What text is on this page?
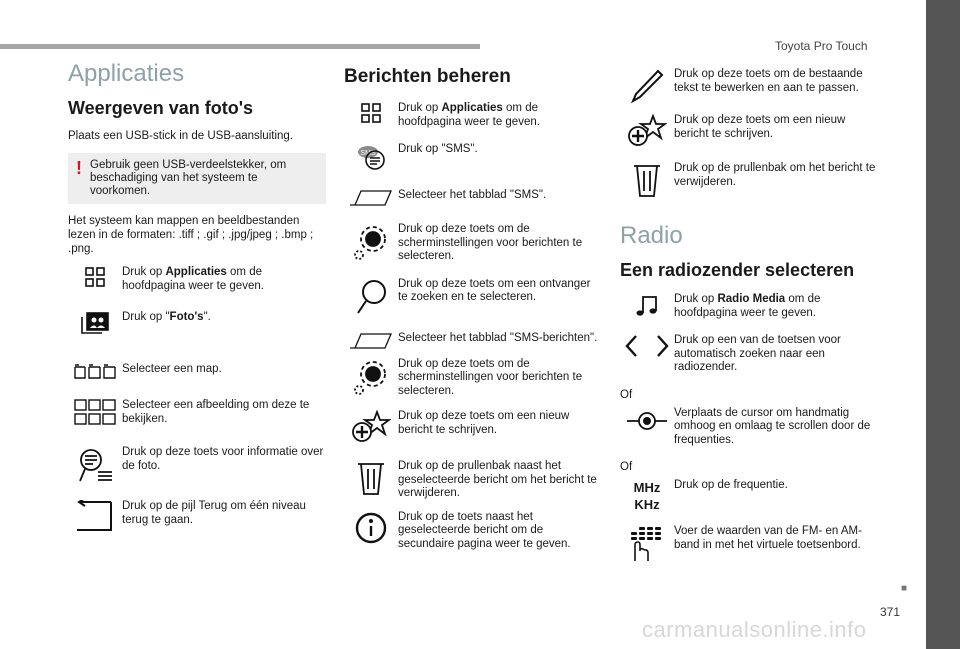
Toyota Pro Touch
Applicaties
Weergeven van foto's
Plaats een USB-stick in de USB-aansluiting.
! Gebruik geen USB-verdeelstekker, om beschadiging van het systeem te voorkomen.
Het systeem kan mappen en beeldbestanden lezen in de formaten: .tiff ; .gif ; .jpg/jpeg ; .bmp ; .png.
Druk op Applicaties om de hoofdpagina weer te geven.
Druk op "Foto's".
Selecteer een map.
Selecteer een afbeelding om deze te bekijken.
Druk op deze toets voor informatie over de foto.
Druk op de pijl Terug om één niveau terug te gaan.
Berichten beheren
Druk op Applicaties om de hoofdpagina weer te geven.
SMS Druk op "SMS".
Selecteer het tabblad "SMS".
Druk op deze toets om de scherminstellingen voor berichten te selecteren.
Druk op deze toets om een ontvanger te zoeken en te selecteren.
Selecteer het tabblad "SMS-berichten".
Druk op deze toets om de scherminstellingen voor berichten te selecteren.
Druk op deze toets om een nieuw bericht te schrijven.
Druk op de prullenbak naast het geselecteerde bericht om het bericht te verwijderen.
Druk op de toets naast het geselecteerde bericht om de secundaire pagina weer te geven.
Druk op deze toets om de bestaande tekst te bewerken en aan te passen.
Druk op deze toets om een nieuw bericht te schrijven.
Druk op de prullenbak om het bericht te verwijderen.
Radio
Een radiozender selecteren
Druk op Radio Media om de hoofdpagina weer te geven.
Druk op een van de toetsen voor automatisch zoeken naar een radiozender.
Of
Verplaats de cursor om handmatig omhoog en omlaag te scrollen door de frequenties.
Of
MHz
KHz
Druk op de frequentie.
Voer de waarden van de FM- en AM-band in met het virtuele toetsenbord.
■
371
carmanualsonline.info
